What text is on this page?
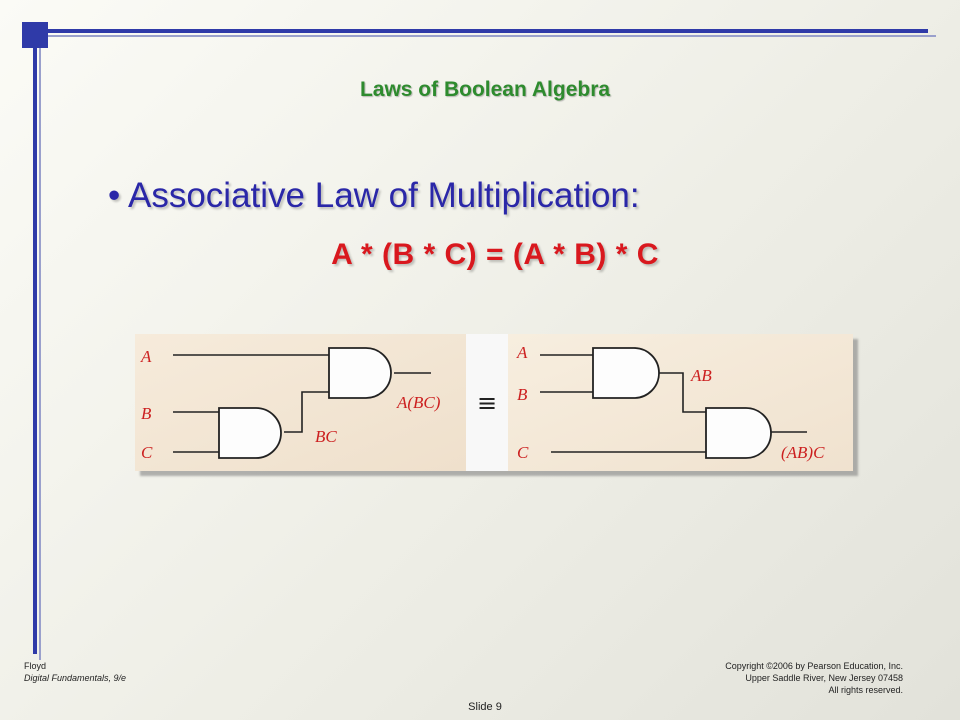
Laws of Boolean Algebra
• Associative Law of Multiplication:
A * (B * C) = (A * B) * C
A
B
C
BC
A(BC) ≡
A
B
C
AB
(AB)C
Floyd
Digital Fundamentals, 9/e
Copyright ©2006 by Pearson Education, Inc.
Upper Saddle River, New Jersey 07458
All rights reserved.
Slide 9
